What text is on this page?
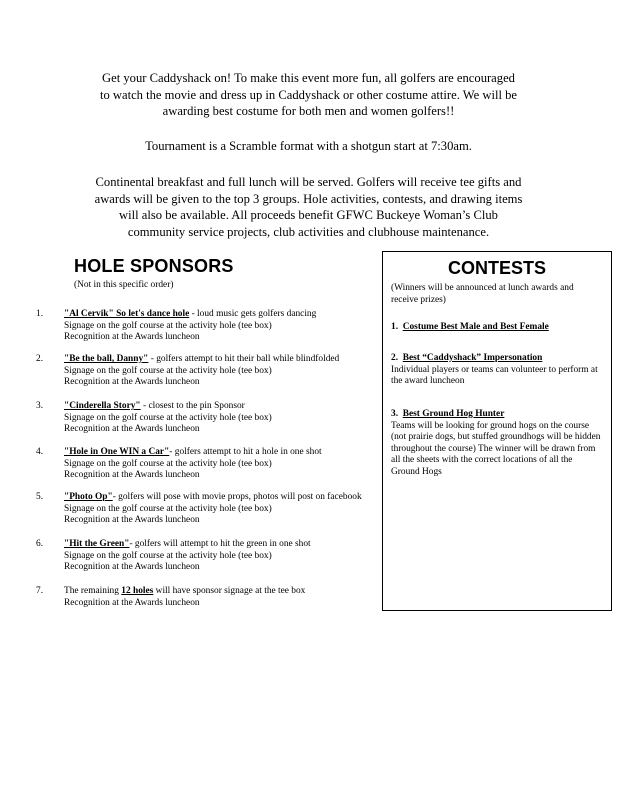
Get your Caddyshack on! To make this event more fun, all golfers are encouraged

to watch the movie and dress up in Caddyshack or other costume attire. We will be

awarding best costume for both men and women golfers!!

Tournament is a Scramble format with a shotgun start at 7:30am.
Continental breakfast and full lunch will be served. Golfers will receive tee gifts and
awards will be given to the top 3 groups. Hole activities, contests, and drawing items
will also be available. All proceeds benefit GFWC Buckeye Woman’s Club
community service projects, club activities and clubhouse maintenance.
HOLE SPONSORS
(Not in this specific order)
1.	"Al Cervik" So let's dance hole - loud music gets golfers dancing
Signage on the golf course at the activity hole (tee box)
Recognition at the Awards luncheon
2.	"Be the ball, Danny" - golfers attempt to hit their ball while blindfolded
Signage on the golf course at the activity hole (tee box)
Recognition at the Awards luncheon
3.	"Cinderella Story" - closest to the pin Sponsor
Signage on the golf course at the activity hole (tee box)
Recognition at the Awards luncheon
4.	"Hole in One WIN a Car"- golfers attempt to hit a hole in one shot
Signage on the golf course at the activity hole (tee box)
Recognition at the Awards luncheon
5.	"Photo Op"- golfers will pose with movie props, photos will post on facebook
Signage on the golf course at the activity hole (tee box)
Recognition at the Awards luncheon
6.	"Hit the Green"- golfers will attempt to hit the green in one shot
Signage on the golf course at the activity hole (tee box)
Recognition at the Awards luncheon
7.	The remaining 12 holes will have sponsor signage at the tee box
Recognition at the Awards luncheon
CONTESTS
(Winners will be announced at lunch awards and receive prizes)
1. Costume Best Male and Best Female
2. Best “Caddyshack” Impersonation
Individual players or teams can volunteer to perform at the award luncheon
3. Best Ground Hog Hunter
Teams will be looking for ground hogs on the course (not prairie dogs, but stuffed groundhogs will be hidden throughout the course) The winner will be drawn from all the sheets with the correct locations of all the Ground Hogs
